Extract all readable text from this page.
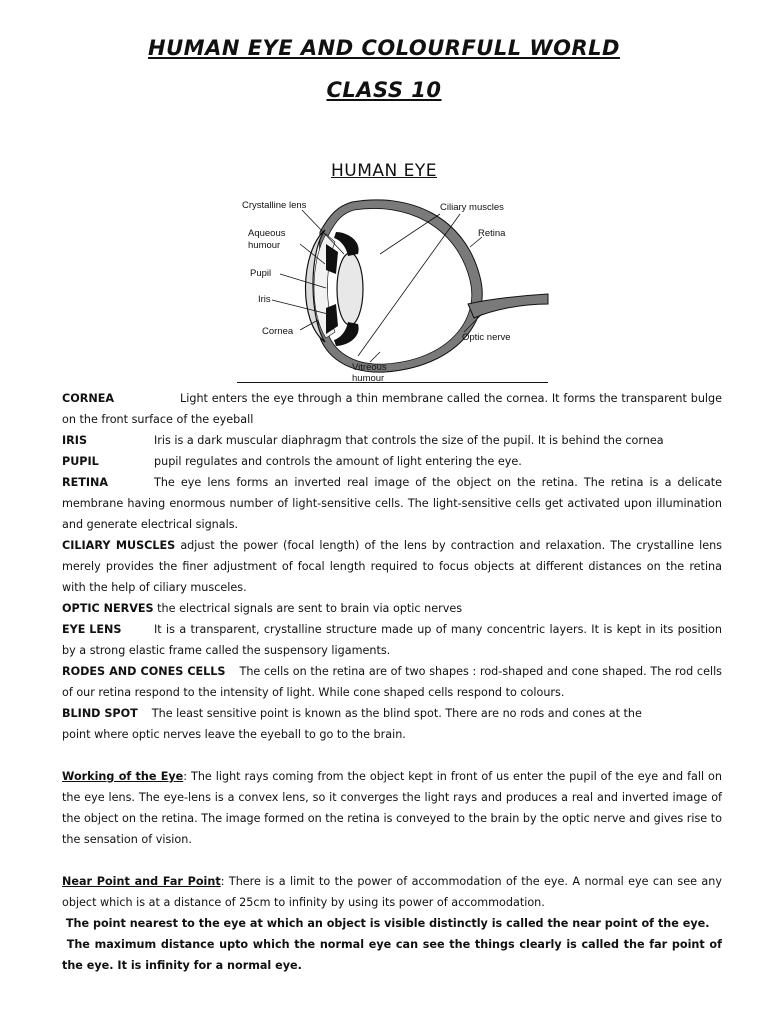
HUMAN EYE AND COLOURFULL WORLD
CLASS 10
HUMAN EYE
Crystalline lens	Ciliary muscles
Aqueous
humour
Retina
Pupil
Iris
Cornea
Optic nerve
Vitreous
humour

CORNEA	Light enters the eye through a thin membrane called the cornea. It forms the transparent bulge on the front surface of the eyeball

IRIS	Iris is a dark muscular diaphragm that controls the size of the pupil. It is behind the cornea

PUPIL	pupil regulates and controls the amount of light entering the eye.

RETINA	The eye lens forms an inverted real image of the object on the retina. The retina is a delicate membrane having enormous number of light-sensitive cells. The light-sensitive cells get activated upon illumination and generate electrical signals.

CILIARY MUSCLES adjust the power (focal length) of the lens by contraction and relaxation. The crystalline lens merely provides the finer adjustment of focal length required to focus objects at different distances on the retina with the help of ciliary musceles.

OPTIC NERVES the electrical signals are sent to brain via optic nerves

EYE LENS	It is a transparent, crystalline structure made up of many concentric layers. It is kept in its position by a strong elastic frame called the suspensory ligaments.

RODES AND CONES CELLS The cells on the retina are of two shapes : rod-shaped and cone shaped. The rod cells of our retina respond to the intensity of light. While cone shaped cells respond to colours.

BLIND SPOT The least sensitive point is known as the blind spot. There are no rods and cones at the
point where optic nerves leave the eyeball to go to the brain.

Working of the Eye: The light rays coming from the object kept in front of us enter the pupil of the eye and fall on the eye lens. The eye-lens is a convex lens, so it converges the light rays and produces a real and inverted image of the object on the retina. The image formed on the retina is conveyed to the brain by the optic nerve and gives rise to the sensation of vision.

Near Point and Far Point: There is a limit to the power of accommodation of the eye. A normal eye can see any object which is at a distance of 25cm to infinity by using its power of accommodation.

The point nearest to the eye at which an object is visible distinctly is called the near point of the eye.

The maximum distance upto which the normal eye can see the things clearly is called the far point of the eye. It is infinity for a normal eye.
